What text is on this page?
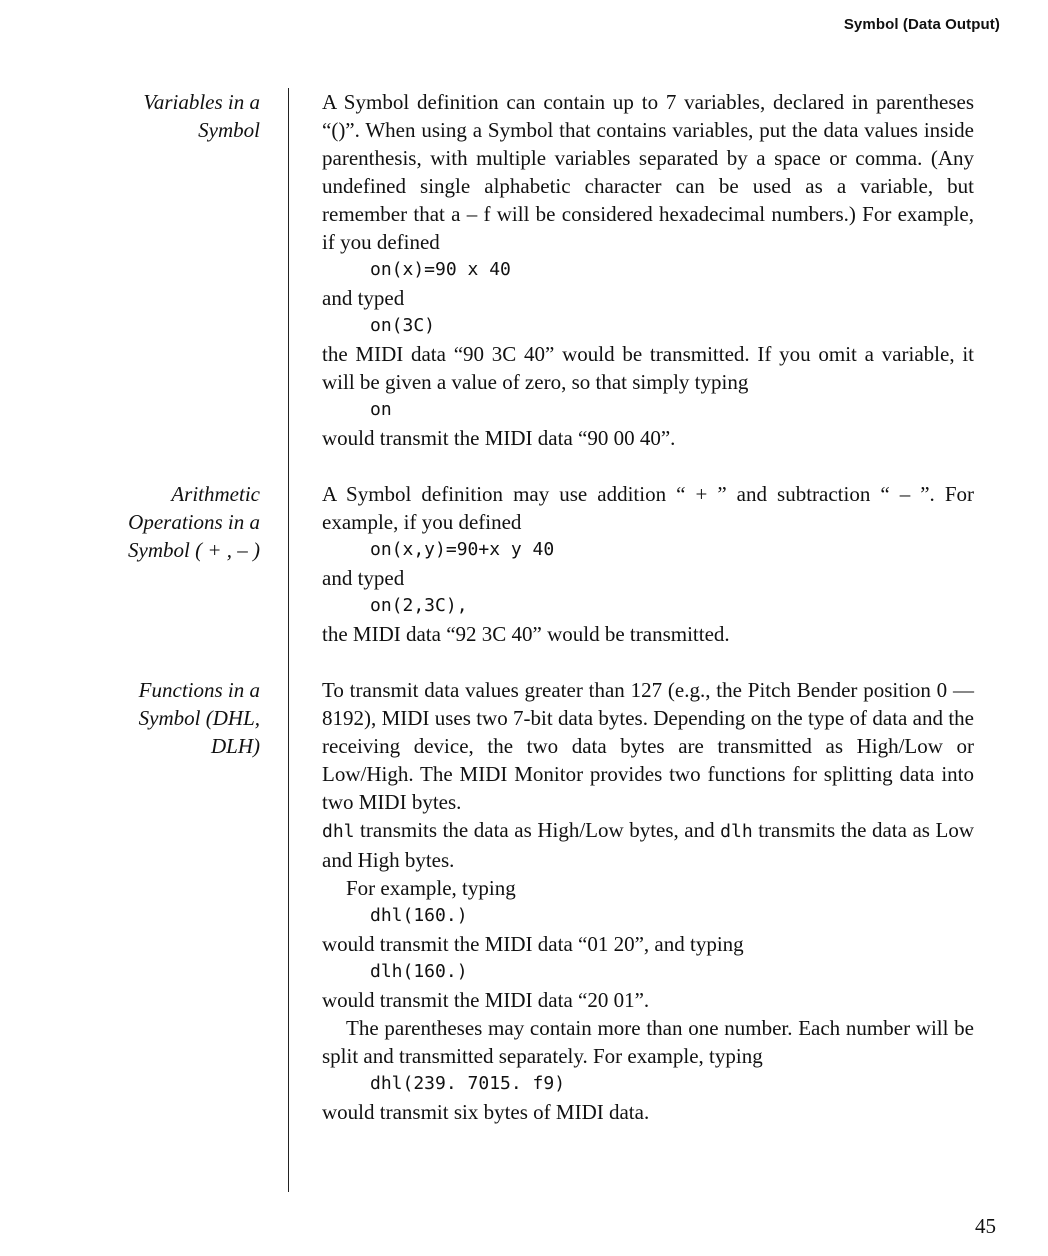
Symbol (Data Output)
Variables in a
Symbol
A Symbol definition can contain up to 7 variables, declared in parentheses “()”. When using a Symbol that contains variables, put the data values inside parenthesis, with multiple variables separated by a space or comma. (Any undefined single alphabetic character can be used as a variable, but remember that a – f will be considered hexadecimal numbers.) For example, if you defined
on(x)=90 x 40
and typed
on(3C)
the MIDI data “90 3C 40” would be transmitted. If you omit a variable, it will be given a value of zero, so that simply typing
on
would transmit the MIDI data “90 00 40”.
Arithmetic
Operations in a
Symbol ( + , – )
A Symbol definition may use addition “ + ” and subtraction “ – ”. For example, if you defined
on(x,y)=90+x y 40
and typed
on(2,3C),
the MIDI data “92 3C 40” would be transmitted.
Functions in a
Symbol (DHL,
DLH)
To transmit data values greater than 127 (e.g., the Pitch Bender position 0 — 8192), MIDI uses two 7-bit data bytes. Depending on the type of data and the receiving device, the two data bytes are transmitted as High/Low or Low/High. The MIDI Monitor provides two functions for splitting data into two MIDI bytes.
dhl transmits the data as High/Low bytes, and dlh transmits the data as Low and High bytes.
For example, typing
dhl(160.)
would transmit the MIDI data “01 20”, and typing
dlh(160.)
would transmit the MIDI data “20 01”.
The parentheses may contain more than one number. Each number will be split and transmitted separately. For example, typing
dhl(239. 7015. f9)
would transmit six bytes of MIDI data.
45
